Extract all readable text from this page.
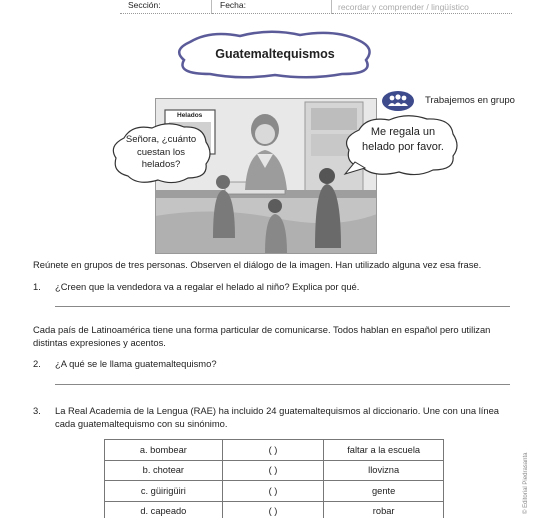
Sección:	Fecha:	recordar y comprender / lingüístico
Guatemaltequismos
Trabajemos en grupo
Helados
Señora, ¿cuánto
cuestan los
helados?
Me regala un
helado por favor.
Reúnete en grupos de tres personas. Observen el diálogo de la imagen. Han utilizado alguna vez esa frase.
1. ¿Creen que la vendedora va a regalar el helado al niño? Explica por qué.
Cada país de Latinoamérica tiene una forma particular de comunicarse. Todos hablan en español pero utilizan
distintas expresiones y acentos.
2. ¿A qué se le llama guatemaltequismo?
3. La Real Academia de la Lengua (RAE) ha incluido 24 guatemaltequismos al diccionario. Une con una línea
cada guatemaltequismo con su sinónimo.
a. bombear	( )	faltar a la escuela
b. chotear	( )	llovizna
c. güirigüiri	( )	gente
d. capeado	( )	robar	© Editorial Piedrasanta
